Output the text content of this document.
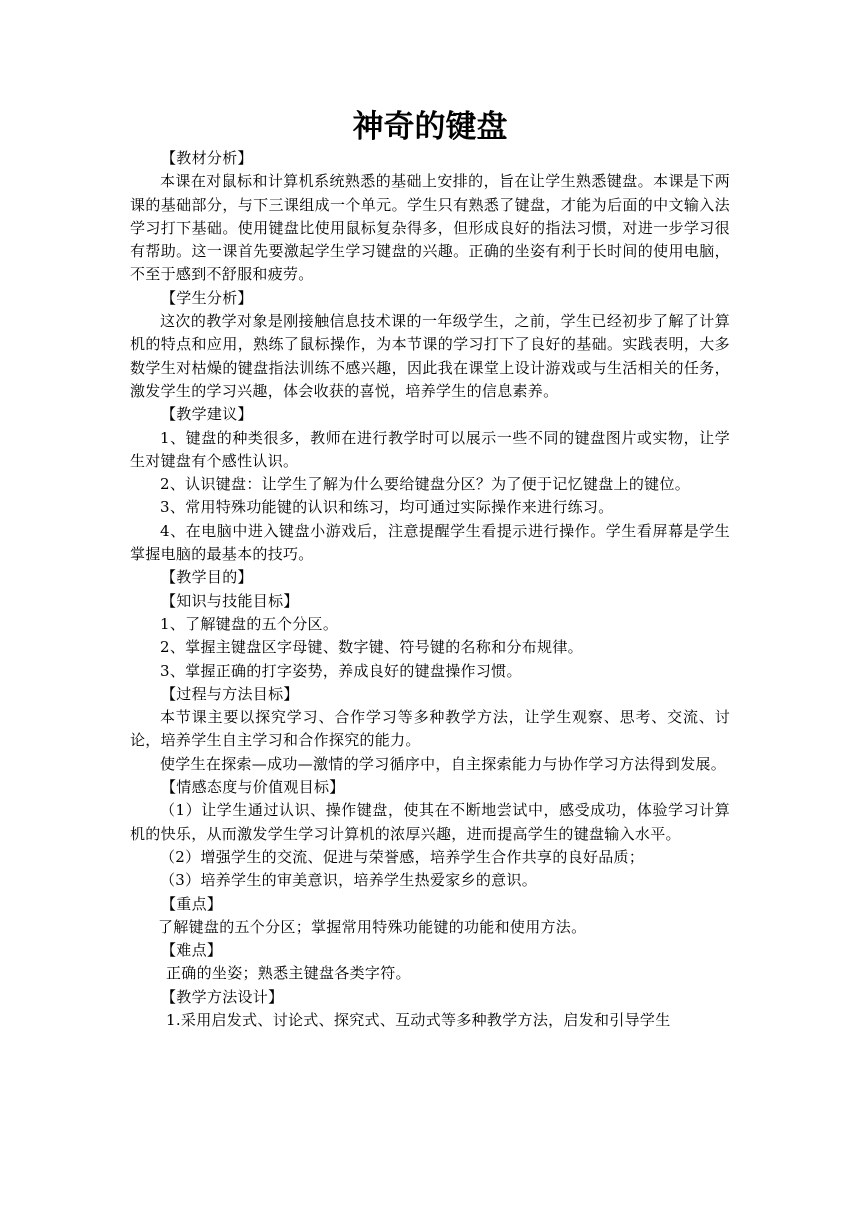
神奇的键盘

【教材分析】

本课在对鼠标和计算机系统熟悉的基础上安排的，旨在让学生熟悉键盘。本课是下两课的基础部分，与下三课组成一个单元。学生只有熟悉了键盘，才能为后面的中文输入法学习打下基础。使用键盘比使用鼠标复杂得多，但形成良好的指法习惯，对进一步学习很有帮助。这一课首先要激起学生学习键盘的兴趣。正确的坐姿有利于长时间的使用电脑，不至于感到不舒服和疲劳。

【学生分析】

这次的教学对象是刚接触信息技术课的一年级学生，之前，学生已经初步了解了计算机的特点和应用，熟练了鼠标操作，为本节课的学习打下了良好的基础。实践表明，大多数学生对枯燥的键盘指法训练不感兴趣，因此我在课堂上设计游戏或与生活相关的任务，激发学生的学习兴趣，体会收获的喜悦，培养学生的信息素养。

【教学建议】

1、键盘的种类很多，教师在进行教学时可以展示一些不同的键盘图片或实物，让学生对键盘有个感性认识。

2、认识键盘：让学生了解为什么要给键盘分区？为了便于记忆键盘上的键位。

3、常用特殊功能键的认识和练习，均可通过实际操作来进行练习。

4、在电脑中进入键盘小游戏后，注意提醒学生看提示进行操作。学生看屏幕是学生掌握电脑的最基本的技巧。

【教学目的】

【知识与技能目标】

1、了解键盘的五个分区。

2、掌握主键盘区字母键、数字键、符号键的名称和分布规律。

3、掌握正确的打字姿势，养成良好的键盘操作习惯。

【过程与方法目标】

本节课主要以探究学习、合作学习等多种教学方法，让学生观察、思考、交流、讨论，培养学生自主学习和合作探究的能力。

使学生在探索—成功—激情的学习循序中，自主探索能力与协作学习方法得到发展。

【情感态度与价值观目标】

（1）让学生通过认识、操作键盘，使其在不断地尝试中，感受成功，体验学习计算机的快乐，从而激发学生学习计算机的浓厚兴趣，进而提高学生的键盘输入水平。

（2）增强学生的交流、促进与荣誉感，培养学生合作共享的良好品质；

（3）培养学生的审美意识，培养学生热爱家乡的意识。

【重点】

了解键盘的五个分区；掌握常用特殊功能键的功能和使用方法。

【难点】

正确的坐姿；熟悉主键盘各类字符。

【教学方法设计】

1.采用启发式、讨论式、探究式、互动式等多种教学方法，启发和引导学生
